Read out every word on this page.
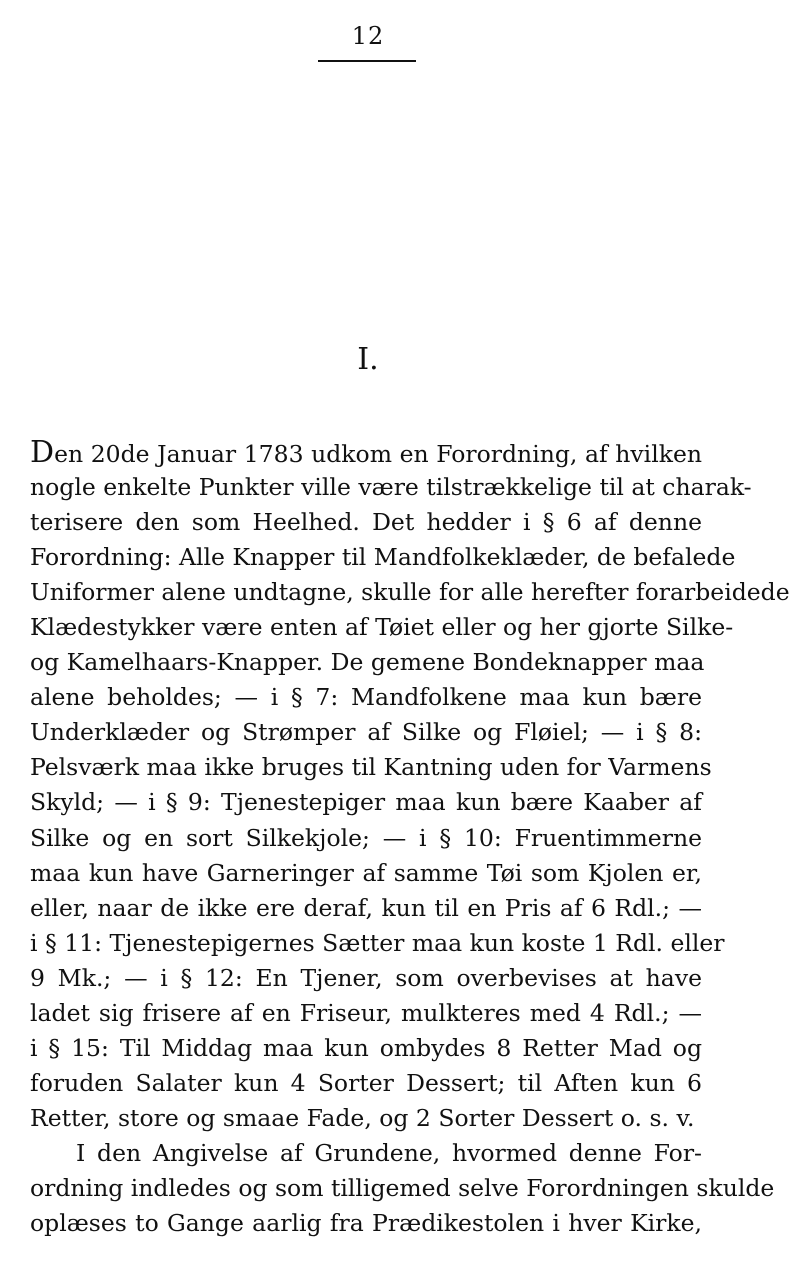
12
I.
Den 20de Januar 1783 udkom en Forordning, af hvilken
nogle enkelte Punkter ville være tilstrækkelige til at charak-
terisere den som Heelhed. Det hedder i § 6 af denne
Forordning: Alle Knapper til Mandfolkeklæder, de befalede
Uniformer alene undtagne, skulle for alle herefter forarbeidede
Klædestykker være enten af Tøiet eller og her gjorte Silke-
og Kamelhaars-Knapper. De gemene Bondeknapper maa
alene beholdes; — i § 7: Mandfolkene maa kun bære
Underklæder og Strømper af Silke og Fløiel; — i § 8:
Pelsværk maa ikke bruges til Kantning uden for Varmens
Skyld; — i § 9: Tjenestepiger maa kun bære Kaaber af
Silke og en sort Silkekjole; — i § 10: Fruentimmerne
maa kun have Garneringer af samme Tøi som Kjolen er,
eller, naar de ikke ere deraf, kun til en Pris af 6 Rdl.; —
i § 11: Tjenestepigernes Sætter maa kun koste 1 Rdl. eller
9 Mk.; — i § 12: En Tjener, som overbevises at have
ladet sig frisere af en Friseur, mulkteres med 4 Rdl.; —
i § 15: Til Middag maa kun ombydes 8 Retter Mad og
foruden Salater kun 4 Sorter Dessert; til Aften kun 6
Retter, store og smaae Fade, og 2 Sorter Dessert o. s. v.
I den Angivelse af Grundene, hvormed denne For-
ordning indledes og som tilligemed selve Forordningen skulde
oplæses to Gange aarlig fra Prædikestolen i hver Kirke,
